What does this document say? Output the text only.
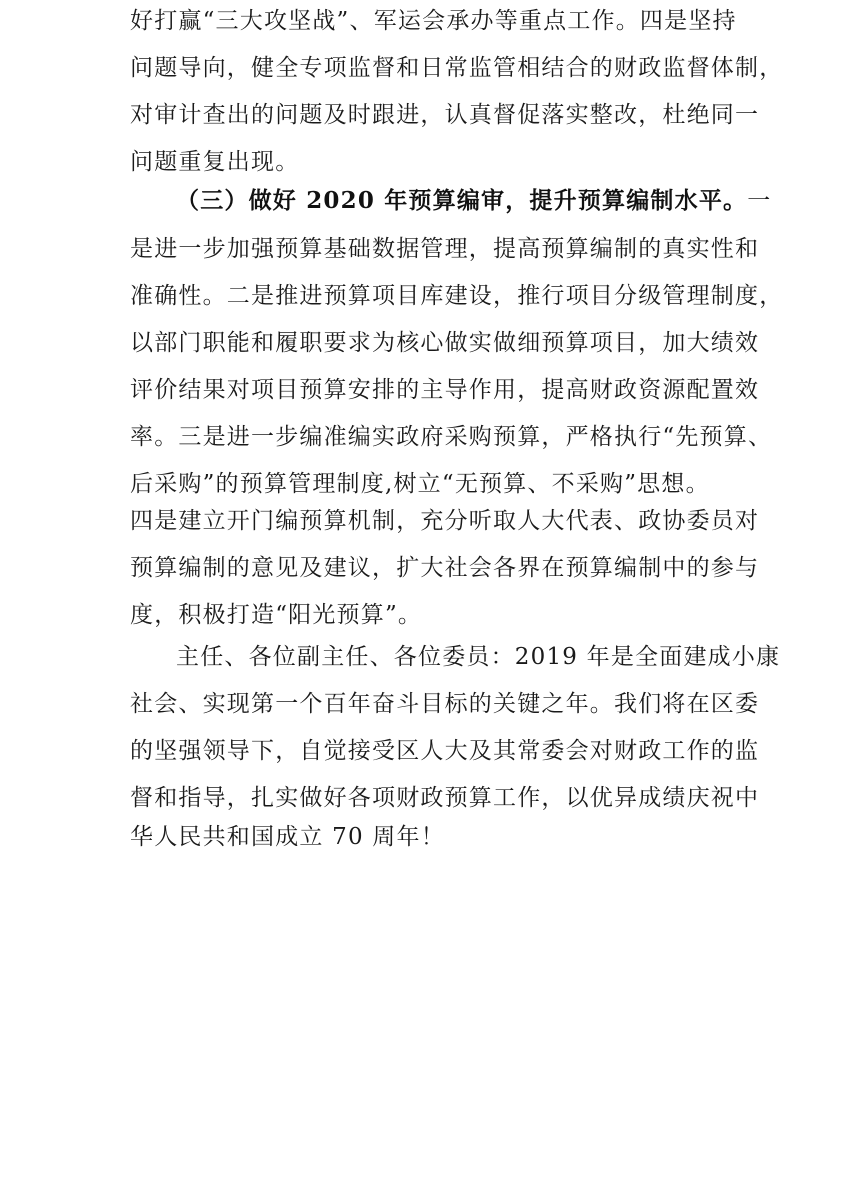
好打赢“三大攻坚战”、军运会承办等重点工作。四是坚持
问题导向，健全专项监督和日常监管相结合的财政监督体制，
对审计查出的问题及时跟进，认真督促落实整改，杜绝同一
问题重复出现。
（三）做好 2020 年预算编审，提升预算编制水平。一
是进一步加强预算基础数据管理，提高预算编制的真实性和
准确性。二是推进预算项目库建设，推行项目分级管理制度，
以部门职能和履职要求为核心做实做细预算项目，加大绩效
评价结果对项目预算安排的主导作用，提高财政资源配置效
率。三是进一步编准编实政府采购预算，严格执行“先预算、
后采购”的预算管理制度,树立“无预算、不采购”思想。
四是建立开门编预算机制，充分听取人大代表、政协委员对
预算编制的意见及建议，扩大社会各界在预算编制中的参与
度，积极打造“阳光预算”。
主任、各位副主任、各位委员：2019 年是全面建成小康
社会、实现第一个百年奋斗目标的关键之年。我们将在区委
的坚强领导下，自觉接受区人大及其常委会对财政工作的监
督和指导，扎实做好各项财政预算工作，以优异成绩庆祝中
华人民共和国成立 70 周年！
